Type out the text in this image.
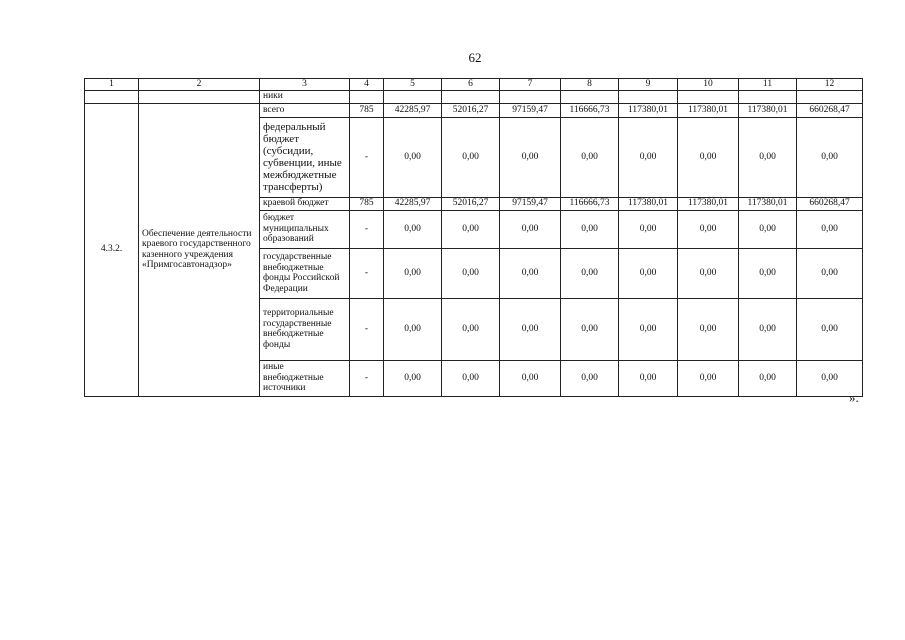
62
1	2	3	4	5	6	7	8	9	10	11	12
		ники									
4.3.2.	Обеспечение деятельности краевого государственного казенного учреждения «Примгосавтонадзор»	всего	785	42285,97	52016,27	97159,47	116666,73	117380,01	117380,01	117380,01	660268,47
		федеральный бюджет (субсидии, субвенции, иные межбюджетные трансферты)	-	0,00	0,00	0,00	0,00	0,00	0,00	0,00	0,00
		краевой бюджет	785	42285,97	52016,27	97159,47	116666,73	117380,01	117380,01	117380,01	660268,47
		бюджет муниципальных образований	-	0,00	0,00	0,00	0,00	0,00	0,00	0,00	0,00
		государственные внебюджетные фонды Российской Федерации	-	0,00	0,00	0,00	0,00	0,00	0,00	0,00	0,00
		территориальные государственные внебюджетные фонды	-	0,00	0,00	0,00	0,00	0,00	0,00	0,00	0,00
		иные внебюджетные источники	-	0,00	0,00	0,00	0,00	0,00	0,00	0,00	0,00
».
